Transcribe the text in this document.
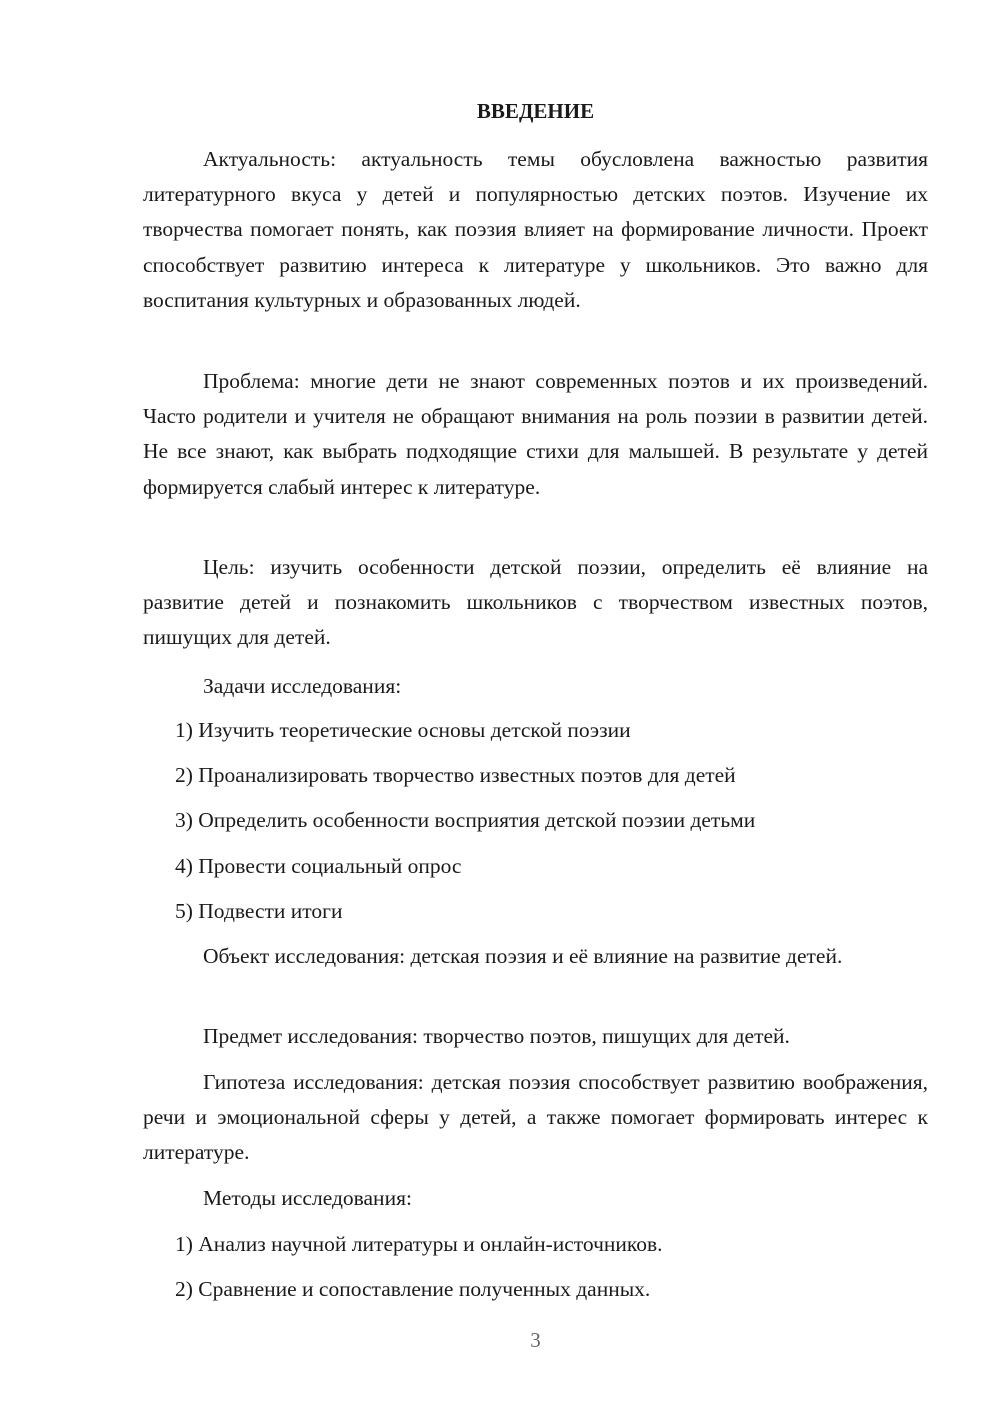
ВВЕДЕНИЕ

Актуальность: актуальность темы обусловлена важностью развития литературного вкуса у детей и популярностью детских поэтов. Изучение их творчества помогает понять, как поэзия влияет на формирование личности. Проект способствует развитию интереса к литературе у школьников. Это важно для воспитания культурных и образованных людей.

Проблема: многие дети не знают современных поэтов и их произведений. Часто родители и учителя не обращают внимания на роль поэзии в развитии детей. Не все знают, как выбрать подходящие стихи для малышей. В результате у детей формируется слабый интерес к литературе.

Цель: изучить особенности детской поэзии, определить её влияние на развитие детей и познакомить школьников с творчеством известных поэтов, пишущих для детей.

Задачи исследования:

1) Изучить теоретические основы детской поэзии

2) Проанализировать творчество известных поэтов для детей

3) Определить особенности восприятия детской поэзии детьми

4) Провести социальный опрос

5) Подвести итоги

Объект исследования: детская поэзия и её влияние на развитие детей.

Предмет исследования: творчество поэтов, пишущих для детей.

Гипотеза исследования: детская поэзия способствует развитию воображения, речи и эмоциональной сферы у детей, а также помогает формировать интерес к литературе.

Методы исследования:

1) Анализ научной литературы и онлайн-источников.

2) Сравнение и сопоставление полученных данных.

3
